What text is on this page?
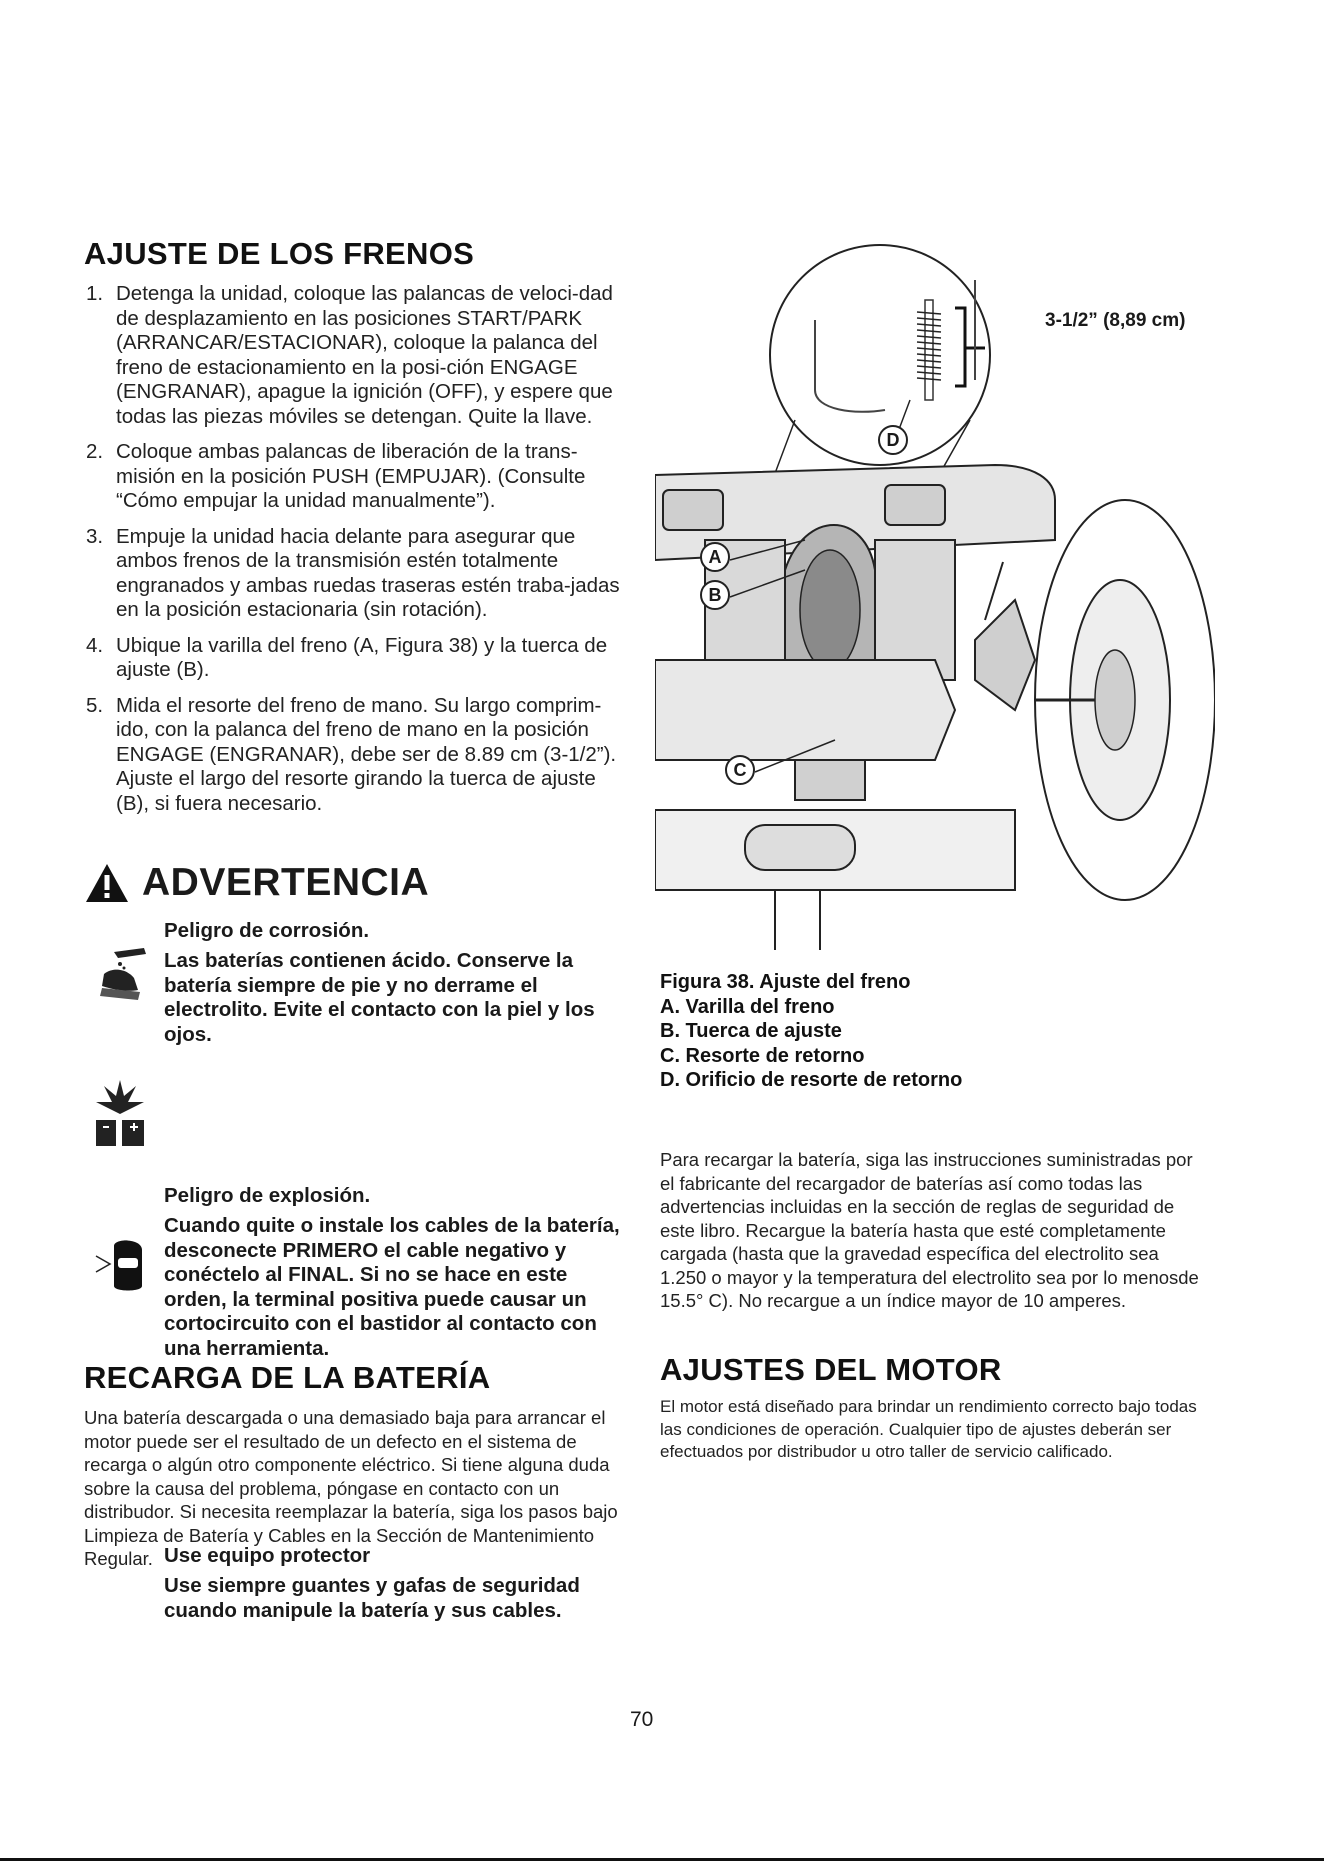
AJUSTE DE LOS FRENOS
1. Detenga la unidad, coloque las palancas de veloci-dad de desplazamiento en las posiciones START/PARK (ARRANCAR/ESTACIONAR), coloque la palanca del freno de estacionamiento en la posi-ción ENGAGE (ENGRANAR), apague la ignición (OFF), y espere que todas las piezas móviles se detengan. Quite la llave.
2. Coloque ambas palancas de liberación de la trans-misión en la posición PUSH (EMPUJAR). (Consulte “Cómo empujar la unidad manualmente”).
3. Empuje la unidad hacia delante para asegurar que ambos frenos de la transmisión estén totalmente engranados y ambas ruedas traseras estén traba-jadas en la posición estacionaria (sin rotación).
4. Ubique la varilla del freno (A, Figura 38) y la tuerca de ajuste (B).
5. Mida el resorte del freno de mano. Su largo comprim-ido, con la palanca del freno de mano en la posición ENGAGE (ENGRANAR), debe ser de 8.89 cm (3-1/2”). Ajuste el largo del resorte girando la tuerca de ajuste (B), si fuera necesario.
ADVERTENCIA
Peligro de corrosión.
Las baterías contienen ácido. Conserve la batería siempre de pie y no derrame el electrolito. Evite el contacto con la piel y los ojos.
Peligro de explosión.
Cuando quite o instale los cables de la batería, desconecte PRIMERO el cable negativo y conéctelo al FINAL. Si no se hace en este orden, la terminal positiva puede causar un cortocircuito con el bastidor al contacto con una herramienta.
Use equipo protector
Use siempre guantes y gafas de seguridad cuando manipule la batería y sus cables.
RECARGA DE LA BATERÍA

Una batería descargada o una demasiado baja para arrancar el motor puede ser el resultado de un defecto en el sistema de recarga o algún otro componente eléctrico. Si tiene alguna duda sobre la causa del problema, póngase en contacto con un distribudor. Si necesita reemplazar la batería, siga los pasos bajo Limpieza de Batería y Cables en la Sección de Mantenimiento Regular.

A
B
C
D
3-1/2” (8,89 cm)
Figura 38. Ajuste del freno
A. Varilla del freno
B. Tuerca de ajuste
C. Resorte de retorno
D. Orificio de resorte de retorno

Para recargar la batería, siga las instrucciones suministradas por el fabricante del recargador de baterías así como todas las advertencias incluidas en la sección de reglas de seguridad de este libro. Recargue la batería hasta que esté completamente cargada (hasta que la gravedad específica del electrolito sea 1.250 o mayor y la temperatura del electrolito sea por lo menosde 15.5° C). No recargue a un índice mayor de 10 amperes.

AJUSTES DEL MOTOR

El motor está diseñado para brindar un rendimiento correcto bajo todas las condiciones de operación. Cualquier tipo de ajustes deberán ser efectuados por distribudor u otro taller de servicio calificado.

70
